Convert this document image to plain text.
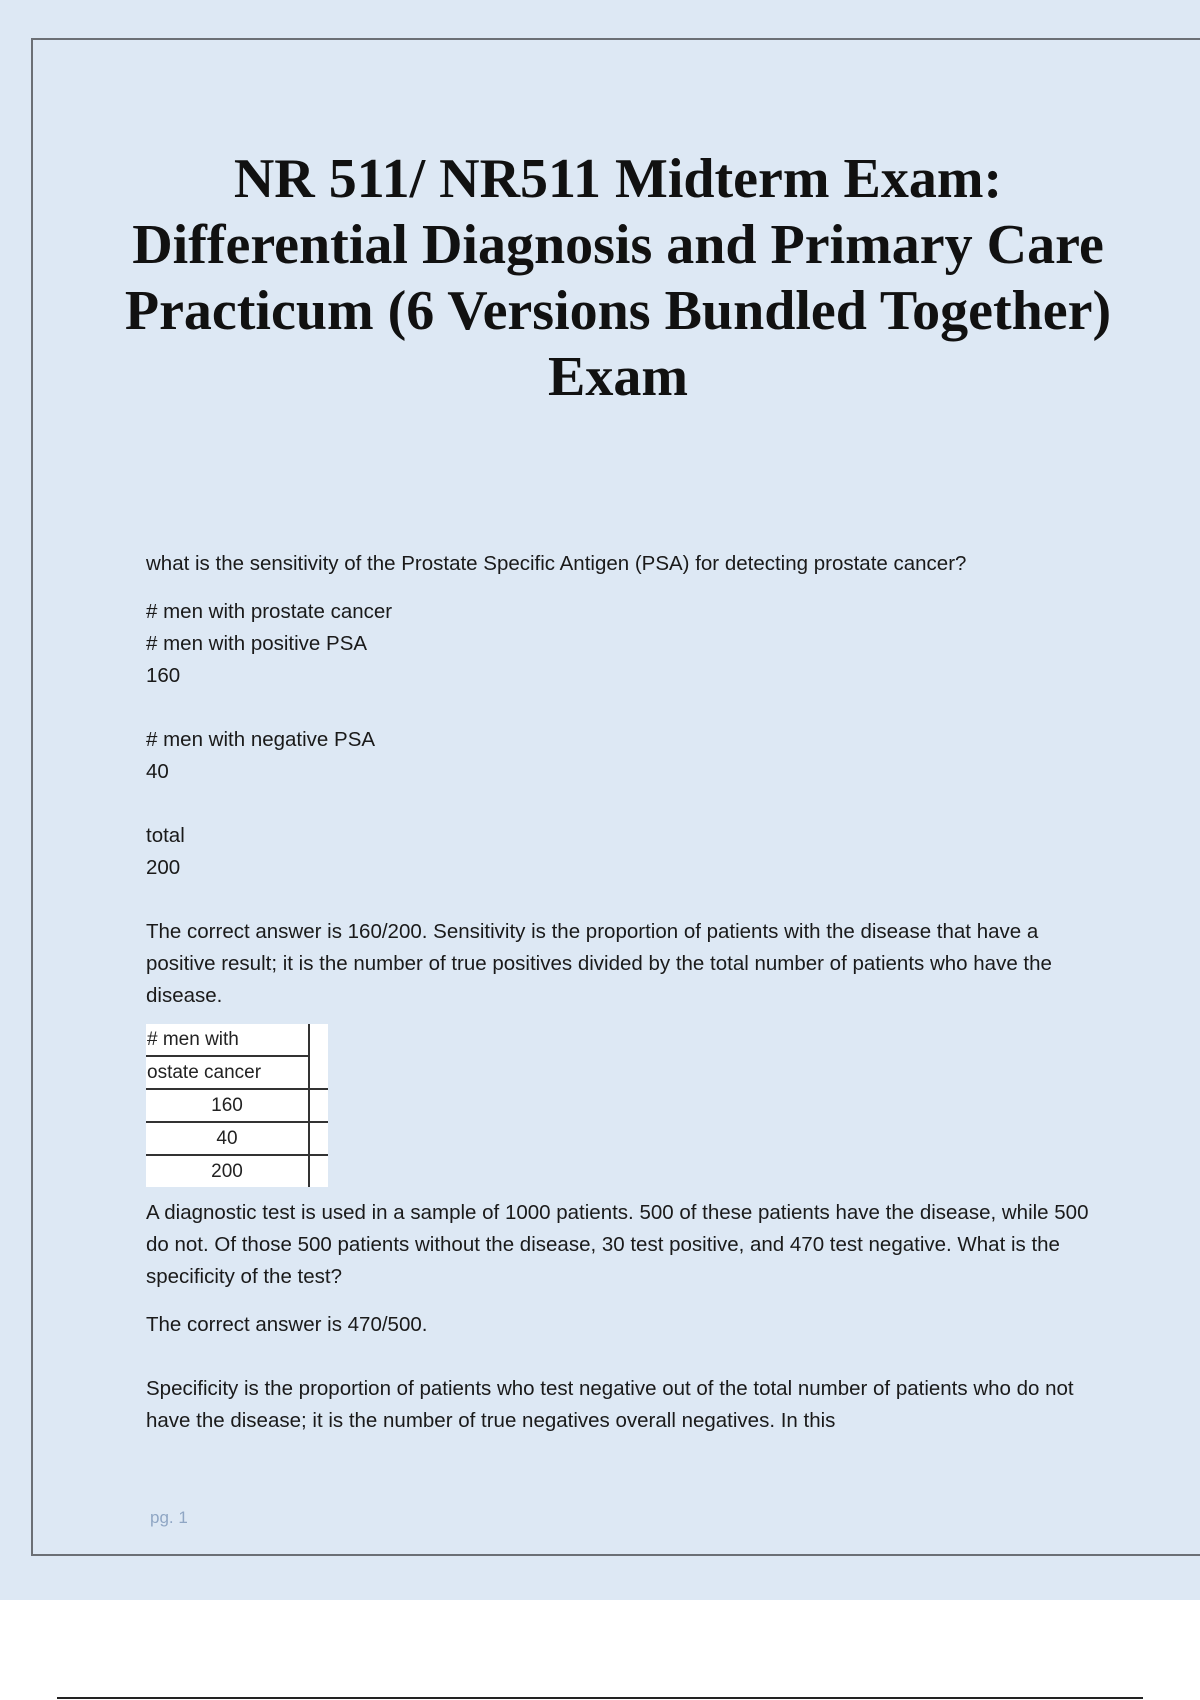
NR 511/ NR511 Midterm Exam: Differential Diagnosis and Primary Care Practicum (6 Versions Bundled Together) Exam

what is the sensitivity of the Prostate Specific Antigen (PSA) for detecting prostate cancer?

# men with prostate cancer

# men with positive PSA

160

# men with negative PSA

40

total

200

The correct answer is 160/200. Sensitivity is the proportion of patients with the disease that have a positive result; it is the number of true positives divided by the total number of patients who have the disease.

# men with	

ostate cancer	

160	
40	
200	

A diagnostic test is used in a sample of 1000 patients. 500 of these patients have the disease, while 500 do not. Of those 500 patients without the disease, 30 test positive, and 470 test negative. What is the specificity of the test?

The correct answer is 470/500.

Specificity is the proportion of patients who test negative out of the total number of patients who do not have the disease; it is the number of true negatives overall negatives. In this

pg. 1
